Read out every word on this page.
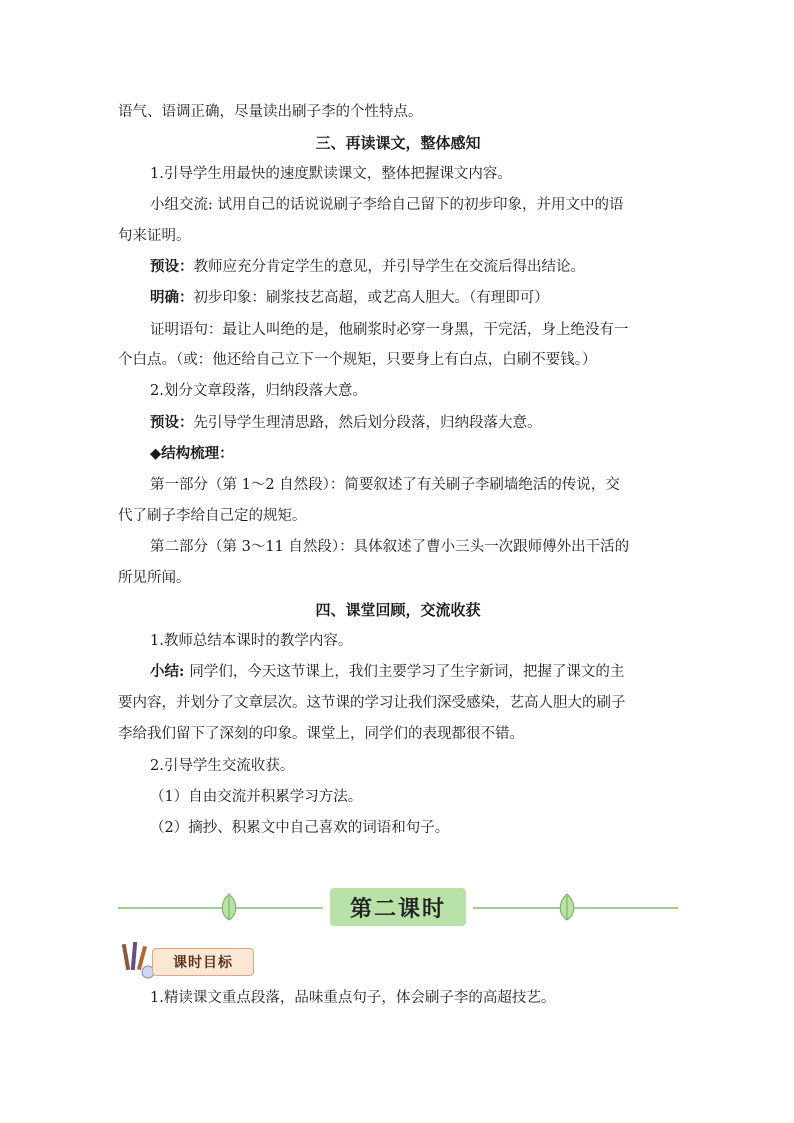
语气、语调正确，尽量读出刷子李的个性特点。
三、再读课文，整体感知
1.引导学生用最快的速度默读课文，整体把握课文内容。
小组交流: 试用自己的话说说刷子李给自己留下的初步印象，并用文中的语
句来证明。
预设：教师应充分肯定学生的意见，并引导学生在交流后得出结论。
明确：初步印象：刷浆技艺高超，或艺高人胆大。（有理即可）
证明语句：最让人叫绝的是，他刷浆时必穿一身黑，干完活，身上绝没有一
个白点。（或：他还给自己立下一个规矩，只要身上有白点，白刷不要钱。）
2.划分文章段落，归纳段落大意。
预设：先引导学生理清思路，然后划分段落，归纳段落大意。
◆结构梳理：
第一部分（第 1～2 自然段）：简要叙述了有关刷子李刷墙绝活的传说，交
代了刷子李给自己定的规矩。
第二部分（第 3～11 自然段）：具体叙述了曹小三头一次跟师傅外出干活的
所见所闻。
四、课堂回顾，交流收获
1.教师总结本课时的教学内容。
小结: 同学们，今天这节课上，我们主要学习了生字新词，把握了课文的主
要内容，并划分了文章层次。这节课的学习让我们深受感染，艺高人胆大的刷子
李给我们留下了深刻的印象。课堂上，同学们的表现都很不错。
2.引导学生交流收获。
（1）自由交流并积累学习方法。
（2）摘抄、积累文中自己喜欢的词语和句子。
第二课时
课时目标
1.精读课文重点段落，品味重点句子，体会刷子李的高超技艺。
